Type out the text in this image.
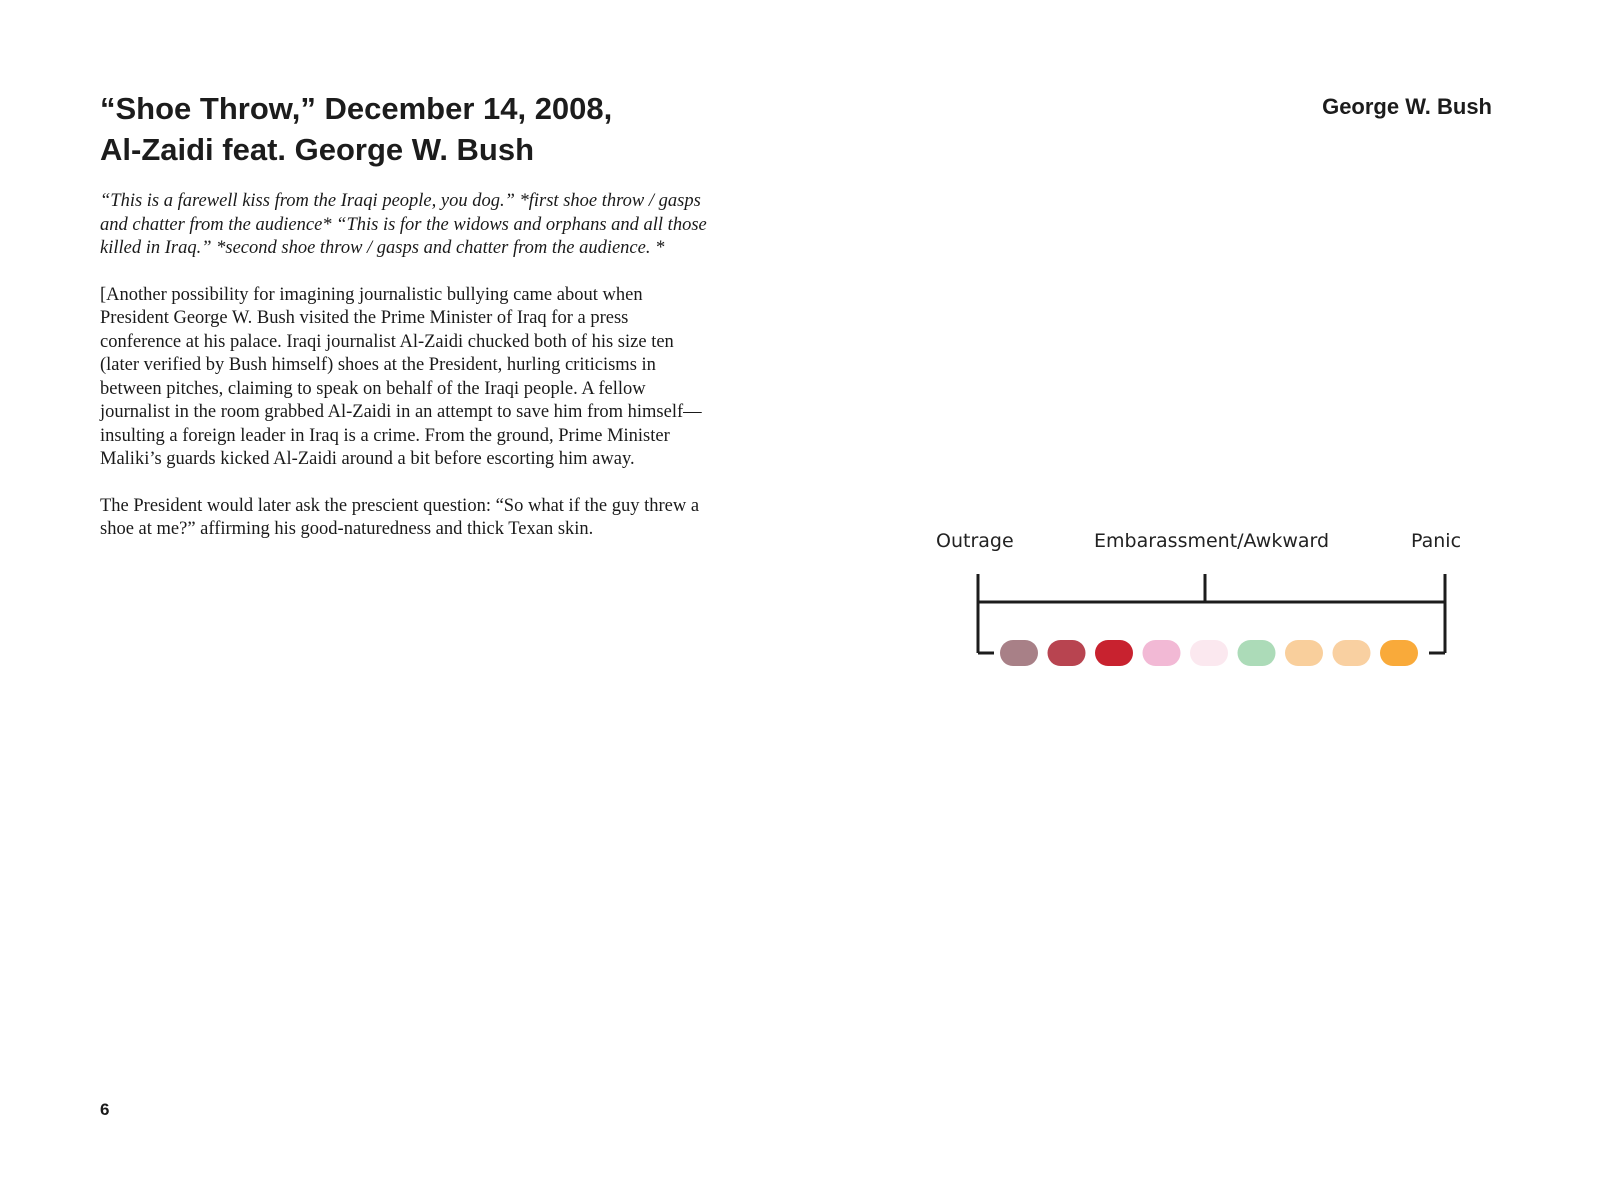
“Shoe Throw,” December 14, 2008,
Al-Zaidi feat. George W. Bush
George W. Bush

“This is a farewell kiss from the Iraqi people, you dog.” *first shoe throw / gasps and chatter from the audience* “This is for the widows and orphans and all those killed in Iraq.” *second shoe throw / gasps and chatter from the audience. *

[Another possibility for imagining journalistic bullying came about when President George W. Bush visited the Prime Minister of Iraq for a press conference at his palace. Iraqi journalist Al-Zaidi chucked both of his size ten (later verified by Bush himself) shoes at the President, hurling criticisms in between pitches, claiming to speak on behalf of the Iraqi people. A fellow journalist in the room grabbed Al-Zaidi in an attempt to save him from himself—insulting a foreign leader in Iraq is a crime. From the ground, Prime Minister Maliki’s guards kicked Al-Zaidi around a bit before escorting him away.

The President would later ask the prescient question: “So what if the guy threw a shoe at me?” affirming his good-naturedness and thick Texan skin.

Outrage	Embarassment/Awkward	Panic
6
